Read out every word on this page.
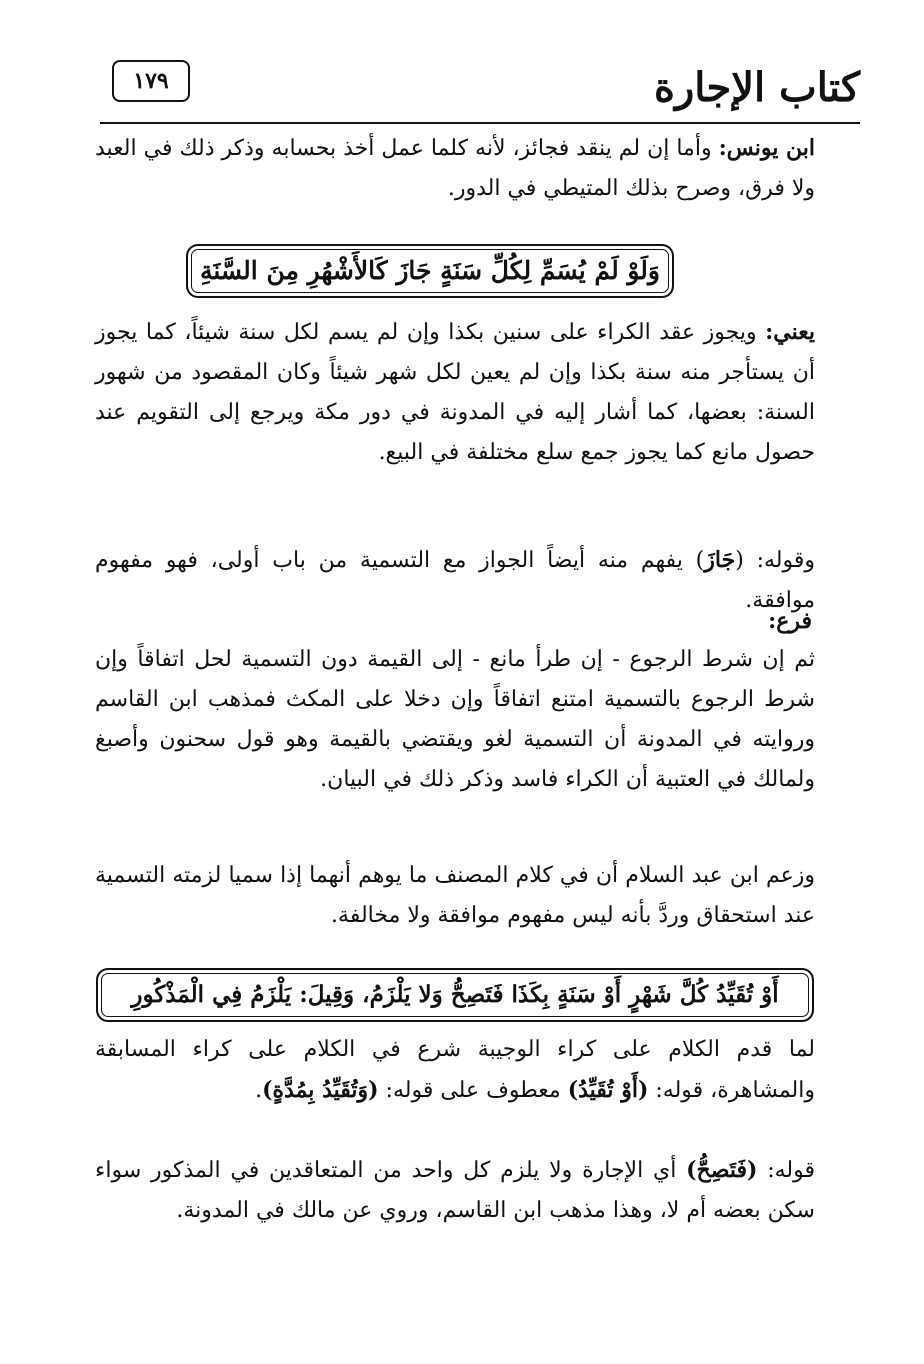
كتاب الإجارة
١٧٩
ابن يونس: وأما إن لم ينقد فجائز، لأنه كلما عمل أخذ بحسابه وذكر ذلك في العبد ولا فرق، وصرح بذلك المتيطي في الدور.
وَلَوْ لَمْ يُسَمِّ لِكُلِّ سَنَةٍ جَازَ كَالأَشْهُرِ مِنَ السَّنَةِ
يعني: ويجوز عقد الكراء على سنين بكذا وإن لم يسم لكل سنة شيئاً، كما يجوز أن يستأجر منه سنة بكذا وإن لم يعين لكل شهر شيئاً وكان المقصود من شهور السنة: بعضها، كما أشار إليه في المدونة في دور مكة ويرجع إلى التقويم عند حصول مانع كما يجوز جمع سلع مختلفة في البيع.
وقوله: (جَازَ) يفهم منه أيضاً الجواز مع التسمية من باب أولى، فهو مفهوم موافقة.
فرع:
ثم إن شرط الرجوع - إن طرأ مانع - إلى القيمة دون التسمية لحل اتفاقاً وإن شرط الرجوع بالتسمية امتنع اتفاقاً وإن دخلا على المكث فمذهب ابن القاسم وروايته في المدونة أن التسمية لغو ويقتضي بالقيمة وهو قول سحنون وأصبغ ولمالك في العتبية أن الكراء فاسد وذكر ذلك في البيان.
وزعم ابن عبد السلام أن في كلام المصنف ما يوهم أنهما إذا سميا لزمته التسمية عند استحقاق وردَّ بأنه ليس مفهوم موافقة ولا مخالفة.
أَوْ تُقَيِّدُ كُلَّ شَهْرٍ أَوْ سَنَةٍ بِكَذَا فَتَصِحُّ وَلا يَلْزَمُ، وَقِيلَ: يَلْزَمُ فِي الْمَذْكُورِ
لما قدم الكلام على كراء الوجيبة شرع في الكلام على كراء المسابقة والمشاهرة، قوله: (أَوْ تُقَيِّدُ) معطوف على قوله: (وَتُقَيِّدُ بِمُدَّةٍ).
قوله: (فَتَصِحُّ) أي الإجارة ولا يلزم كل واحد من المتعاقدين في المذكور سواء سكن بعضه أم لا، وهذا مذهب ابن القاسم، وروي عن مالك في المدونة.
